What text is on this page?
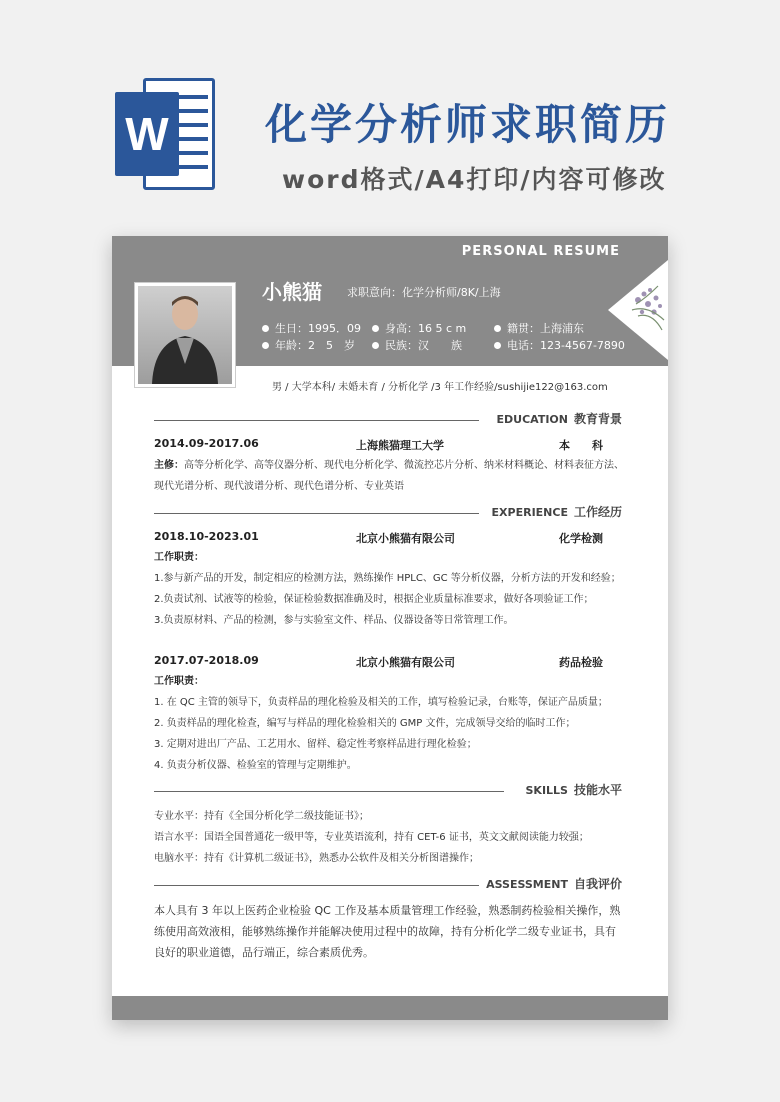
W 化学分析师求职简历
word格式/A4打印/内容可修改
PERSONAL RESUME
小熊猫 求职意向：化学分析师/8K/上海
生日：1995．09 身高：16 5 c m	籍贯：上海浦东
年龄：2　5　岁	民族：汉　　族	电话：123-4567-7890
男 / 大学本科/ 未婚未育 / 分析化学 /3 年工作经验/sushijie122@163.com
EDUCATION 教育背景
2014.09-2017.06	上海熊猫理工大学	本　　科
主修：高等分析化学、高等仪器分析、现代电分析化学、微流控芯片分析、纳米材料概论、材料表征方法、现代光谱分析、现代波谱分析、现代色谱分析、专业英语
EXPERIENCE 工作经历
2018.10-2023.01	北京小熊猫有限公司	化学检测
工作职责：
1.参与新产品的开发，制定相应的检测方法，熟练操作 HPLC、GC 等分析仪器，分析方法的开发和经验；
2.负责试剂、试液等的检验，保证检验数据准确及时，根据企业质量标准要求，做好各项验证工作；
3.负责原材料、产品的检测，参与实验室文件、样品、仪器设备等日常管理工作。
2017.07-2018.09	北京小熊猫有限公司	药品检验
工作职责：
1. 在 QC 主管的领导下，负责样品的理化检验及相关的工作，填写检验记录，台账等，保证产品质量；
2. 负责样品的理化检查，编写与样品的理化检验相关的 GMP 文件，完成领导交给的临时工作；
3. 定期对进出厂产品、工艺用水、留样、稳定性考察样品进行理化检验；
4. 负责分析仪器、检验室的管理与定期维护。
SKILLS 技能水平
专业水平：持有《全国分析化学二级技能证书》；
语言水平：国语全国普通花一级甲等，专业英语流利，持有 CET-6 证书，英文文献阅读能力较强；
电脑水平：持有《计算机二级证书》，熟悉办公软件及相关分析图谱操作；
ASSESSMENT 自我评价
本人具有 3 年以上医药企业检验 QC 工作及基本质量管理工作经验，熟悉制药检验相关操作，熟练使用高效液相，能够熟练操作并能解决使用过程中的故障，持有分析化学二级专业证书，具有良好的职业道德，品行端正，综合素质优秀。
